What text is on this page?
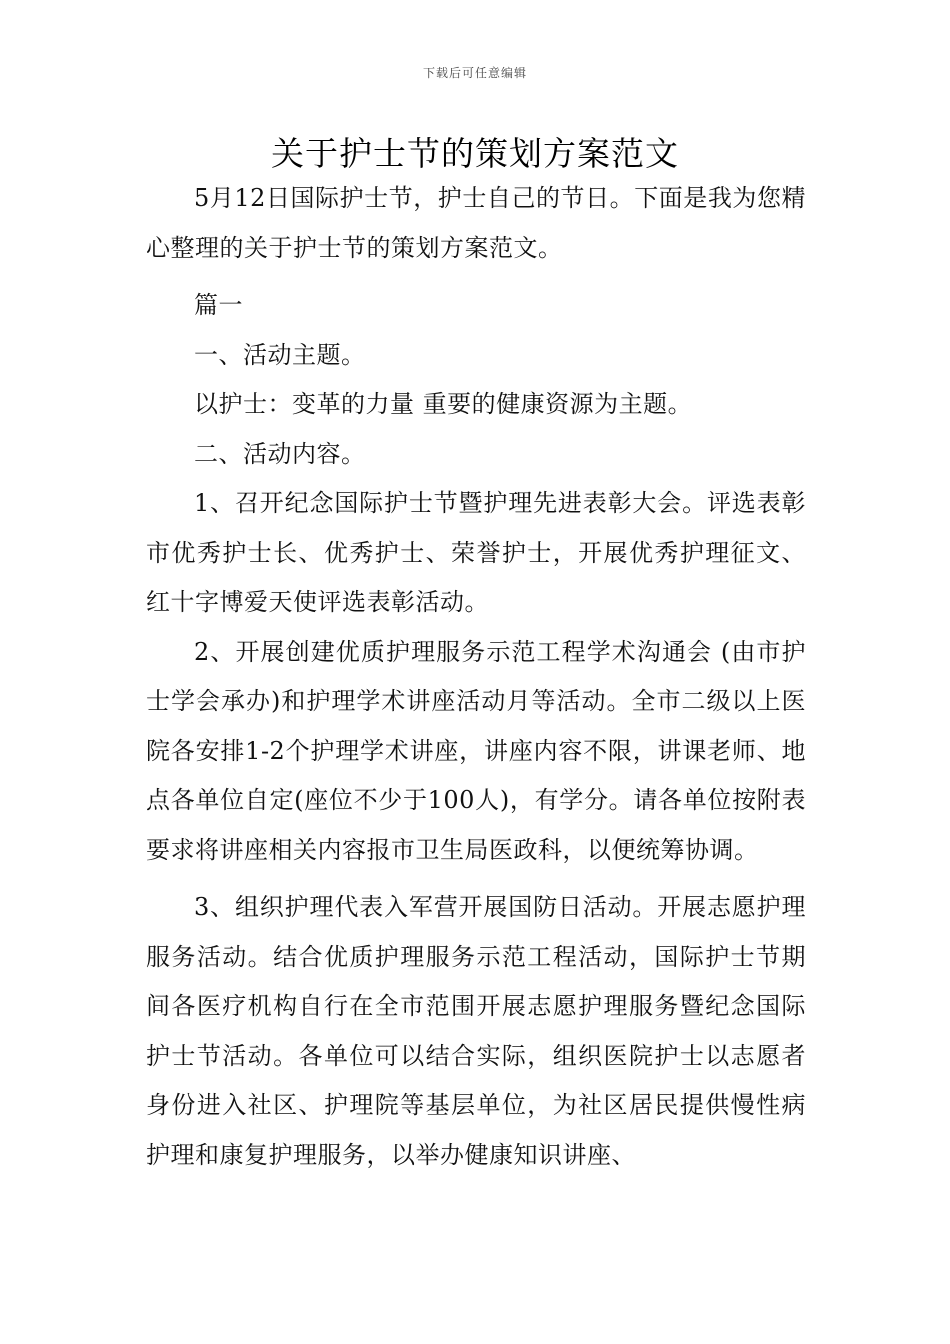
下载后可任意编辑
关于护士节的策划方案范文

5月12日国际护士节，护士自己的节日。下面是我为您精心整理的关于护士节的策划方案范文。

篇一

一、活动主题。

以护士：变革的力量 重要的健康资源为主题。

二、活动内容。

1、召开纪念国际护士节暨护理先进表彰大会。评选表彰市优秀护士长、优秀护士、荣誉护士，开展优秀护理征文、红十字博爱天使评选表彰活动。

2、开展创建优质护理服务示范工程学术沟通会 (由市护士学会承办)和护理学术讲座活动月等活动。全市二级以上医院各安排1-2个护理学术讲座，讲座内容不限，讲课老师、地点各单位自定(座位不少于100人)，有学分。请各单位按附表要求将讲座相关内容报市卫生局医政科，以便统筹协调。

3、组织护理代表入军营开展国防日活动。开展志愿护理服务活动。结合优质护理服务示范工程活动，国际护士节期间各医疗机构自行在全市范围开展志愿护理服务暨纪念国际护士节活动。各单位可以结合实际，组织医院护士以志愿者身份进入社区、护理院等基层单位，为社区居民提供慢性病护理和康复护理服务，以举办健康知识讲座、
